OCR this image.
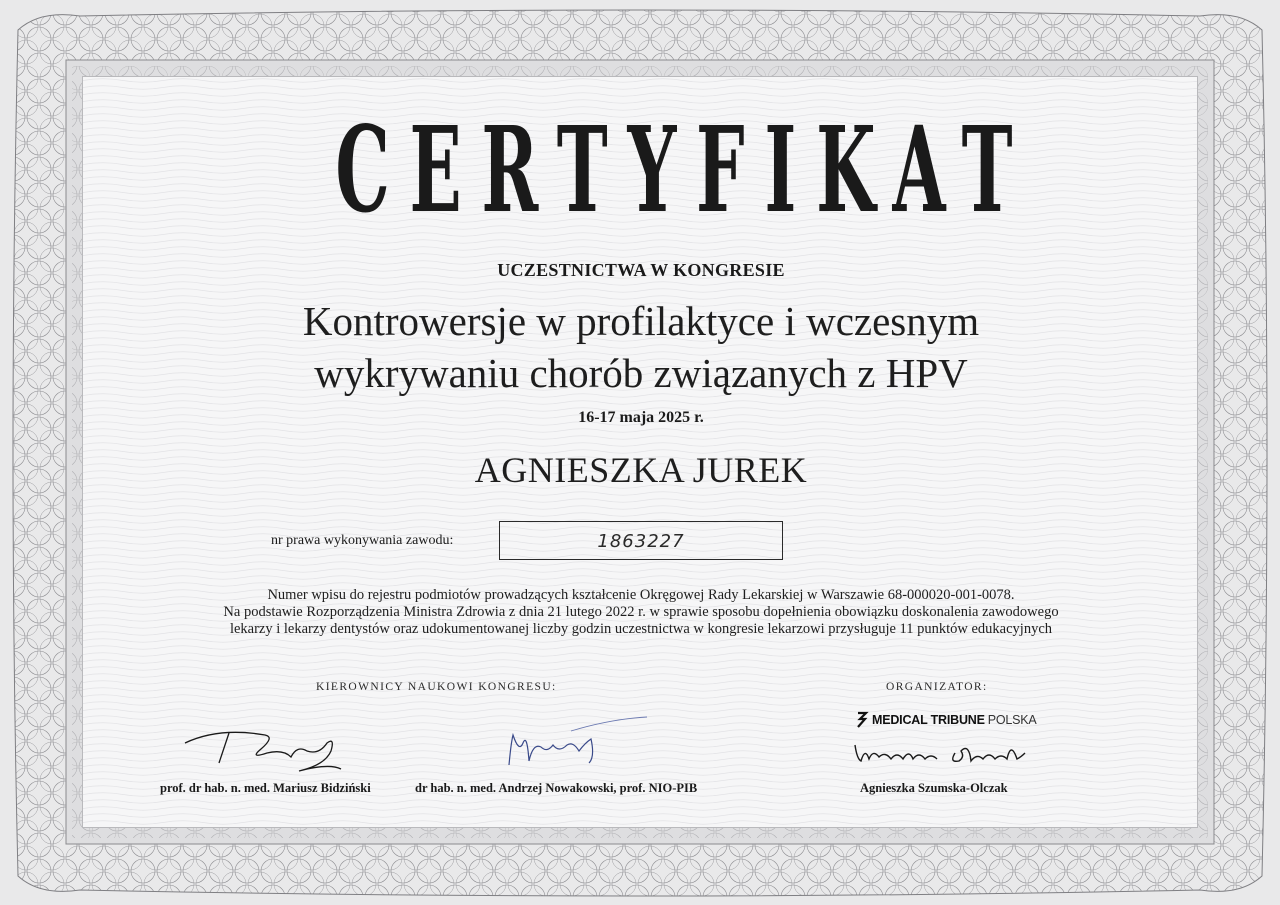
CERTYFIKAT
UCZESTNICTWA W KONGRESIE
Kontrowersje w profilaktyce i wczesnym
wykrywaniu chorób związanych z HPV
16-17 maja 2025 r.
AGNIESZKA JUREK
nr prawa wykonywania zawodu:	1863227
Numer wpisu do rejestru podmiotów prowadzących kształcenie Okręgowej Rady Lekarskiej w Warszawie 68-000020-001-0078.
Na podstawie Rozporządzenia Ministra Zdrowia z dnia 21 lutego 2022 r. w sprawie sposobu dopełnienia obowiązku doskonalenia zawodowego
lekarzy i lekarzy dentystów oraz udokumentowanej liczby godzin uczestnictwa w kongresie lekarzowi przysługuje 11 punktów edukacyjnych
KIEROWNICY NAUKOWI KONGRESU:	ORGANIZATOR:
prof. dr hab. n. med. Mariusz Bidziński	dr hab. n. med. Andrzej Nowakowski, prof. NIO-PIB
MEDICAL TRIBUNE POLSKA
Agnieszka Szumska-Olczak
